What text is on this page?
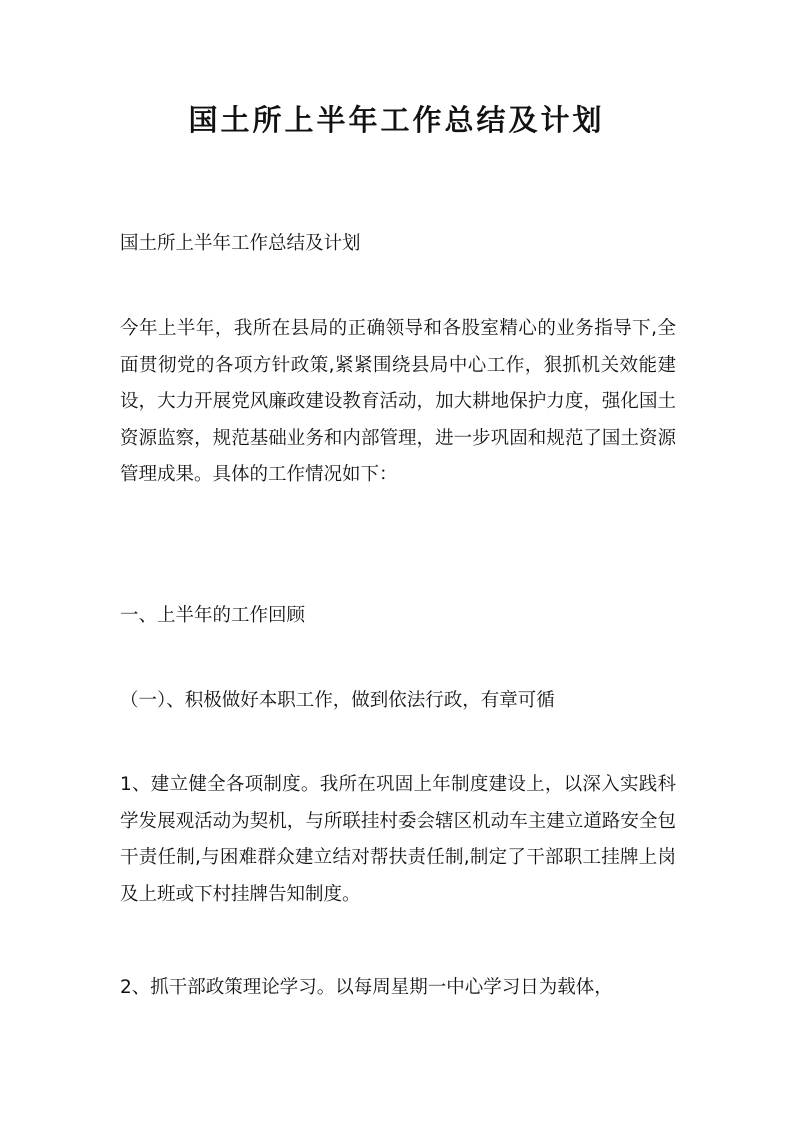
国土所上半年工作总结及计划

国土所上半年工作总结及计划

今年上半年，我所在县局的正确领导和各股室精心的业务指导下,全面贯彻党的各项方针政策,紧紧围绕县局中心工作，狠抓机关效能建设，大力开展党风廉政建设教育活动，加大耕地保护力度，强化国土资源监察，规范基础业务和内部管理，进一步巩固和规范了国土资源管理成果。具体的工作情况如下：

一、上半年的工作回顾

（一）、积极做好本职工作，做到依法行政，有章可循

1、建立健全各项制度。我所在巩固上年制度建设上，以深入实践科学发展观活动为契机，与所联挂村委会辖区机动车主建立道路安全包干责任制,与困难群众建立结对帮扶责任制,制定了干部职工挂牌上岗及上班或下村挂牌告知制度。

2、抓干部政策理论学习。以每周星期一中心学习日为载体，
